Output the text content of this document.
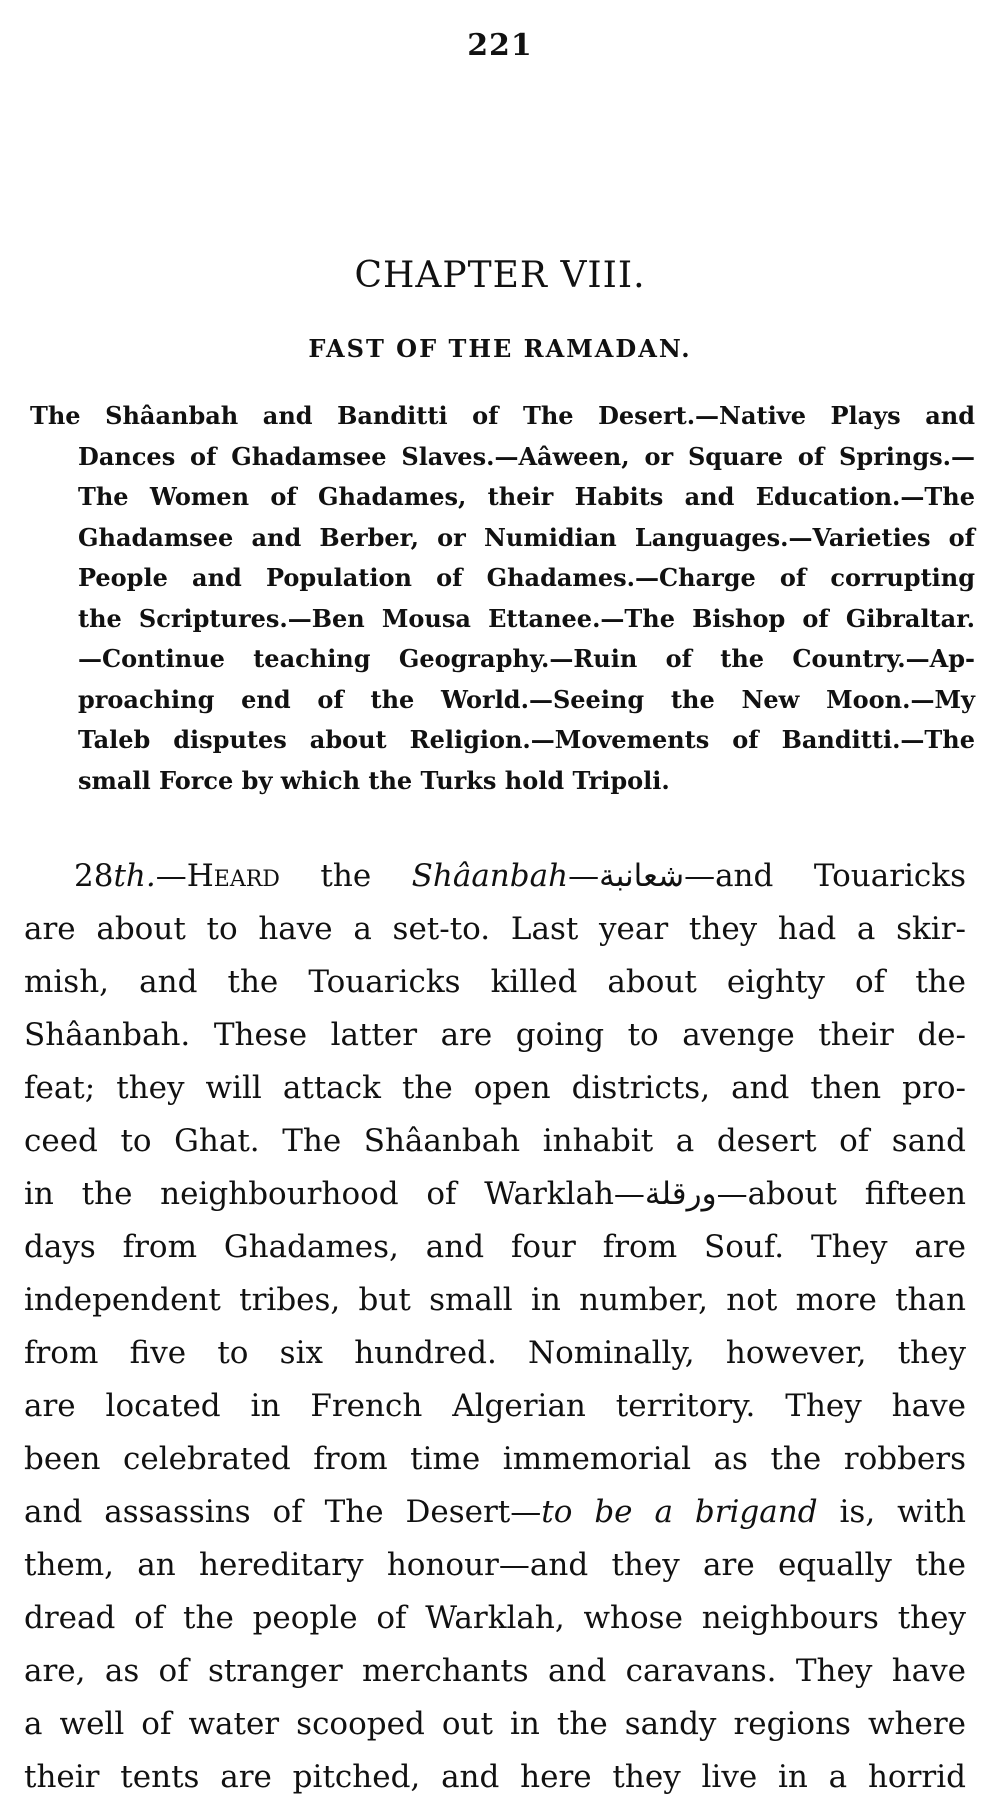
221
CHAPTER VIII.
FAST OF THE RAMADAN.
The Shâanbah and Banditti of The Desert.—Native Plays and
Dances of Ghadamsee Slaves.—Aâween, or Square of Springs.—
The Women of Ghadames, their Habits and Education.—The
Ghadamsee and Berber, or Numidian Languages.—Varieties of
People and Population of Ghadames.—Charge of corrupting
the Scriptures.—Ben Mousa Ettanee.—The Bishop of Gibraltar.
—Continue teaching Geography.—Ruin of the Country.—Ap-
proaching end of the World.—Seeing the New Moon.—My
Taleb disputes about Religion.—Movements of Banditti.—The
small Force by which the Turks hold Tripoli.
28th.—Heard the Shâanbah—شعانبة—and Touaricks
are about to have a set-to. Last year they had a skir-
mish, and the Touaricks killed about eighty of the
Shâanbah. These latter are going to avenge their de-
feat; they will attack the open districts, and then pro-
ceed to Ghat. The Shâanbah inhabit a desert of sand
in the neighbourhood of Warklah—ورقلة—about fifteen
days from Ghadames, and four from Souf. They are
independent tribes, but small in number, not more than
from five to six hundred. Nominally, however, they
are located in French Algerian territory. They have
been celebrated from time immemorial as the robbers
and assassins of The Desert—to be a brigand is, with
them, an hereditary honour—and they are equally the
dread of the people of Warklah, whose neighbours they
are, as of stranger merchants and caravans. They have
a well of water scooped out in the sandy regions where
their tents are pitched, and here they live in a horrid
